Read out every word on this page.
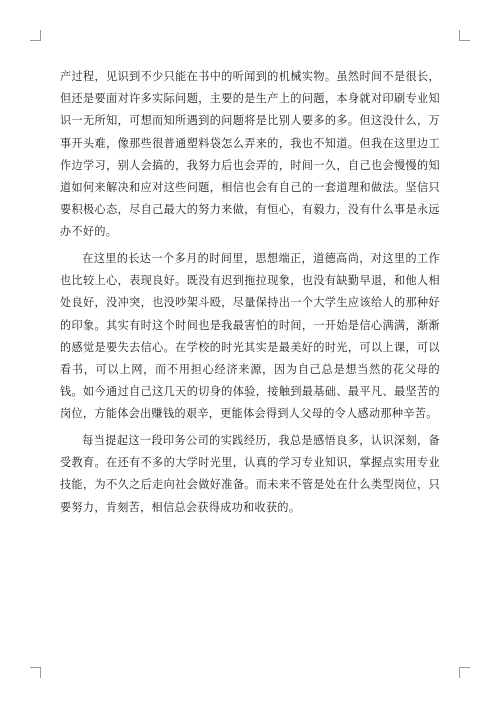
产过程，见识到不少只能在书中的听闻到的机械实物。虽然时间不是很长，但还是要面对许多实际问题，主要的是生产上的问题，本身就对印刷专业知识一无所知，可想而知所遇到的问题将是比别人要多的多。但这没什么，万事开头难，像那些很普通塑料袋怎么弄来的，我也不知道。但我在这里边工作边学习，别人会搞的，我努力后也会弄的，时间一久，自己也会慢慢的知道如何来解决和应对这些问题，相信也会有自己的一套道理和做法。坚信只要积极心态，尽自己最大的努力来做，有恒心，有毅力，没有什么事是永远办不好的。

在这里的长达一个多月的时间里，思想端正，道德高尚，对这里的工作也比较上心，表现良好。既没有迟到拖拉现象，也没有缺勤早退，和他人相处良好，没冲突，也没吵架斗殴，尽量保持出一个大学生应该给人的那种好的印象。其实有时这个时间也是我最害怕的时间，一开始是信心满满，渐渐的感觉是要失去信心。在学校的时光其实是最美好的时光，可以上课，可以看书，可以上网，而不用担心经济来源，因为自己总是想当然的花父母的钱。如今通过自己这几天的切身的体验，接触到最基础、最平凡、最坚苦的岗位，方能体会出赚钱的艰辛，更能体会得到人父母的令人感动那种辛苦。

每当提起这一段印务公司的实践经历，我总是感悟良多，认识深刻，备受教育。在还有不多的大学时光里，认真的学习专业知识，掌握点实用专业技能，为不久之后走向社会做好准备。而未来不管是处在什么类型岗位，只要努力，肯刻苦，相信总会获得成功和收获的。
